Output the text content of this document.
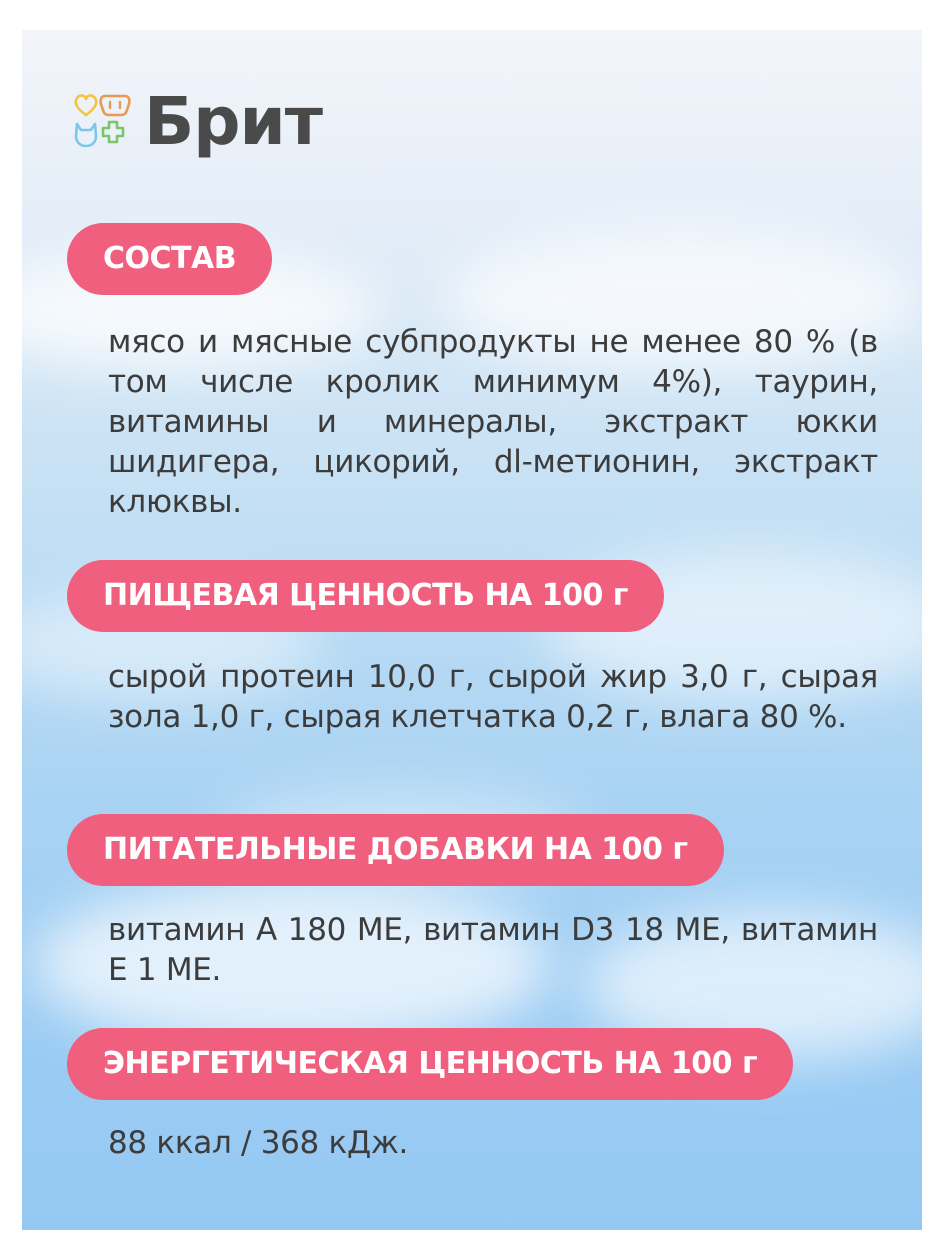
Брит
СОСТАВ
мясо и мясные субпродукты не менее 80 % (в том числе кролик минимум 4%), таурин, витамины и минералы, экстракт юкки шидигера, цикорий, dl-метионин, экстракт клюквы.
ПИЩЕВАЯ ЦЕННОСТЬ НА 100 г
сырой протеин 10,0 г, сырой жир 3,0 г, сырая зола 1,0 г, сырая клетчатка 0,2 г, влага 80 %.
ПИТАТЕЛЬНЫЕ ДОБАВКИ НА 100 г
витамин А 180 МЕ, витамин D3 18 МЕ, витамин Е 1 МЕ.
ЭНЕРГЕТИЧЕСКАЯ ЦЕННОСТЬ НА 100 г
88 ккал / 368 кДж.
